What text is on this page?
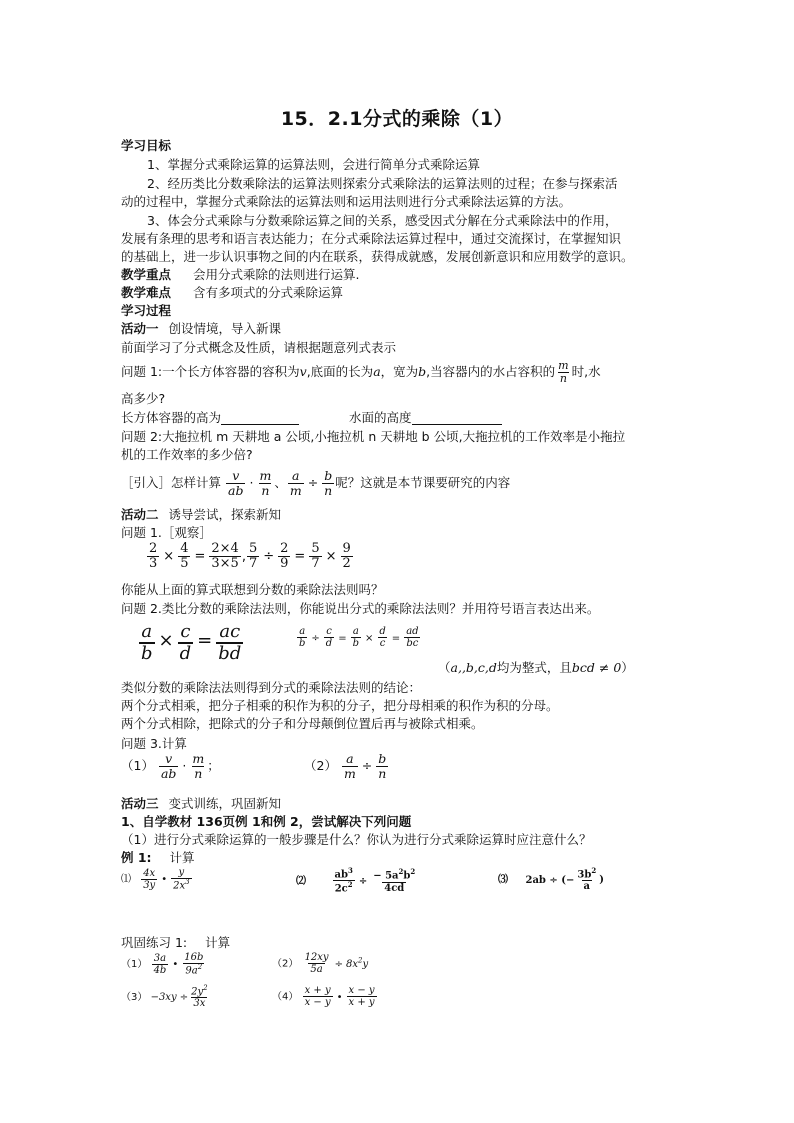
15．2.1分式的乘除（1）
学习目标
1、掌握分式乘除运算的运算法则，会进行简单分式乘除运算
2、经历类比分数乘除法的运算法则探索分式乘除法的运算法则的过程；在参与探索活
动的过程中，掌握分式乘除法的运算法则和运用法则进行分式乘除法运算的方法。
3、体会分式乘除与分数乘除运算之间的关系，感受因式分解在分式乘除法中的作用，
发展有条理的思考和语言表达能力；在分式乘除法运算过程中，通过交流探讨，在掌握知识
的基础上，进一步认识事物之间的内在联系，获得成就感，发展创新意识和应用数学的意识。
教学重点 会用分式乘除的法则进行运算.
教学难点 含有多项式的分式乘除运算
学习过程
活动一 创设情境，导入新课
前面学习了分式概念及性质，请根据题意列式表示
问题 1:一个长方体容器的容积为v,底面的长为a，宽为b,当容器内的水占容积的 $\frac{m}{n}$ 时,水
高多少?
长方体容器的高为	水面的高度
问题 2:大拖拉机 m 天耕地 a 公顷,小拖拉机 n 天耕地 b 公顷,大拖拉机的工作效率是小拖拉
机的工作效率的多少倍?
［引入］怎样计算 $\frac{v}{ab} \cdot \frac{m}{n}$ 、 $\frac{a}{m} \div \frac{b}{n}$ 呢？这就是本节课要研究的内容
活动二 诱导尝试，探索新知
问题 1.［观察］
$\frac{2}{3} \times \frac{4}{5} = \frac{2\times 4}{3\times 5}$ , $\frac{5}{7} \div \frac{2}{9} = \frac{5}{7} \times \frac{9}{2}$
你能从上面的算式联想到分数的乘除法法则吗？
问题 2.类比分数的乘除法法则，你能说出分式的乘除法法则？并用符号语言表达出来。
$\frac{a}{b} \times \frac{c}{d} = \frac{ac}{bd}$	$\frac{a}{b} \div \frac{c}{d} = \frac{a}{b} \times \frac{d}{c} = \frac{ad}{bc}$
（a,,b,c,d均为整式，且bcd ≠ 0）
类似分数的乘除法法则得到分式的乘除法法则的结论：
两个分式相乘，把分子相乘的积作为积的分子，把分母相乘的积作为积的分母。
两个分式相除，把除式的分子和分母颠倒位置后再与被除式相乘。
问题 3.计算
$(1) \frac{v}{ab} \cdot \frac{m}{n}$ ；	$(2) \frac{a}{m} \div \frac{b}{n}$
活动三 变式训练，巩固新知
1、自学教材 136页例 1和例 2，尝试解决下列问题
（1）进行分式乘除运算的一般步骤是什么？你认为进行分式乘除运算时应注意什么？
例 1: 计算
⑴ $\frac{4x}{3y}$ • $\frac{y}{2x^3}$	⑵	$\frac{ab^3}{2c^2} \div \frac{- 5a^2b^2}{4cd}$	⑶ 2ab ÷ (− $\frac{3b^2}{a}$ )
巩固练习 1: 计算
$(1) \frac{3a}{4b}$ • $\frac{16b}{9a^2}$	$(2) \frac{12xy}{5a} \div 8x^2y$
$(3) -3xy \div \frac{2y^2}{3x}$	$(4) \frac{x + y}{x - y}$ • $\frac{x - y}{x + y}$
